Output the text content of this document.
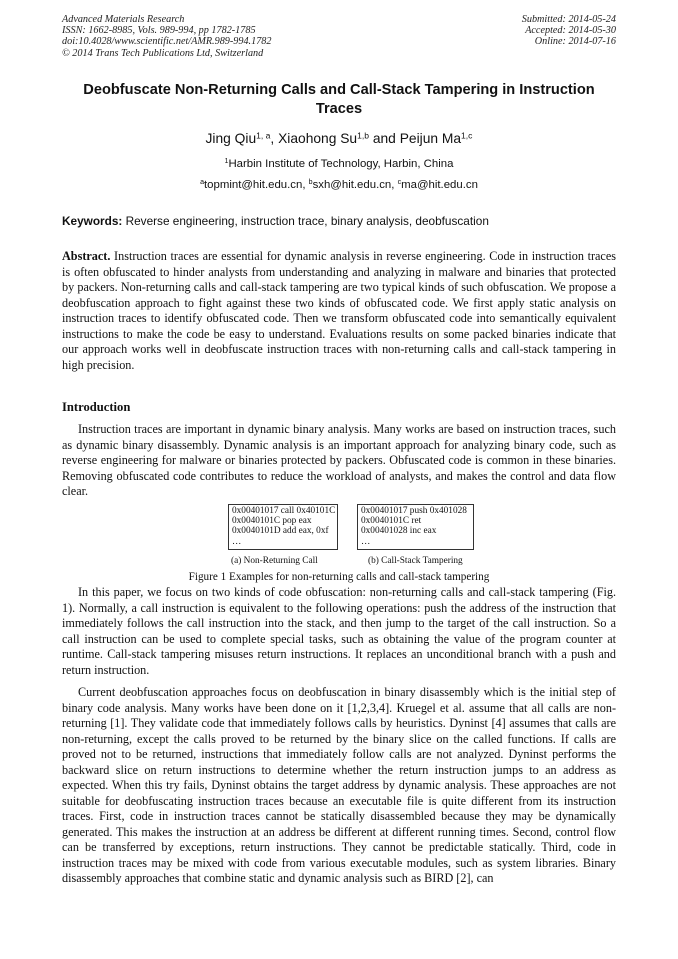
Advanced Materials Research
ISSN: 1662-8985, Vols. 989-994, pp 1782-1785
doi:10.4028/www.scientific.net/AMR.989-994.1782
© 2014 Trans Tech Publications Ltd, Switzerland
Submitted: 2014-05-24
Accepted: 2014-05-30
Online: 2014-07-16
Deobfuscate Non-Returning Calls and Call-Stack Tampering in Instruction Traces
Jing Qiu$^{1, a}$, Xiaohong Su$^{1,b}$ and Peijun Ma$^{1,c}$
$^1$Harbin Institute of Technology, Harbin, China
$^a$topmint@hit.edu.cn, $^b$sxh@hit.edu.cn, $^c$ma@hit.edu.cn
Keywords: Reverse engineering, instruction trace, binary analysis, deobfuscation

Abstract. Instruction traces are essential for dynamic analysis in reverse engineering. Code in instruction traces is often obfuscated to hinder analysts from understanding and analyzing in malware and binaries that protected by packers. Non-returning calls and call-stack tampering are two typical kinds of such obfuscation. We propose a deobfuscation approach to fight against these two kinds of obfuscated code. We first apply static analysis on instruction traces to identify obfuscated code. Then we transform obfuscated code into semantically equivalent instructions to make the code be easy to understand. Evaluations results on some packed binaries indicate that our approach works well in deobfuscate instruction traces with non-returning calls and call-stack tampering in high precision.

Introduction

Instruction traces are important in dynamic binary analysis. Many works are based on instruction traces, such as dynamic binary disassembly. Dynamic analysis is an important approach for analyzing binary code, such as reverse engineering for malware or binaries protected by packers. Obfuscated code is common in these binaries. Removing obfuscated code contributes to reduce the workload of analysts, and makes the control and data flow clear.

0x00401017 call 0x40101C
0x0040101C pop eax
0x0040101D add eax, 0xf
…
0x00401017 push 0x401028
0x0040101C ret
0x00401028 inc eax
…
(a) Non-Returning Call	(b) Call-Stack Tampering
Figure 1 Examples for non-returning calls and call-stack tampering

In this paper, we focus on two kinds of code obfuscation: non-returning calls and call-stack tampering (Fig. 1). Normally, a call instruction is equivalent to the following operations: push the address of the instruction that immediately follows the call instruction into the stack, and then jump to the target of the call instruction. So a call instruction can be used to complete special tasks, such as obtaining the value of the program counter at runtime. Call-stack tampering misuses return instructions. It replaces an unconditional branch with a push and return instruction.

Current deobfuscation approaches focus on deobfuscation in binary disassembly which is the initial step of binary code analysis. Many works have been done on it [1,2,3,4]. Kruegel et al. assume that all calls are non-returning [1]. They validate code that immediately follows calls by heuristics. Dyninst [4] assumes that calls are non-returning, except the calls proved to be returned by the binary slice on the called functions. If calls are proved not to be returned, instructions that immediately follow calls are not analyzed. Dyninst performs the backward slice on return instructions to determine whether the return instruction jumps to an address as expected. When this try fails, Dyninst obtains the target address by dynamic analysis. These approaches are not suitable for deobfuscating instruction traces because an executable file is quite different from its instruction traces. First, code in instruction traces cannot be statically disassembled because they may be dynamically generated. This makes the instruction at an address be different at different running times. Second, control flow can be transferred by exceptions, return instructions. They cannot be predictable statically. Third, code in instruction traces may be mixed with code from various executable modules, such as system libraries. Binary disassembly approaches that combine static and dynamic analysis such as BIRD [2], can
